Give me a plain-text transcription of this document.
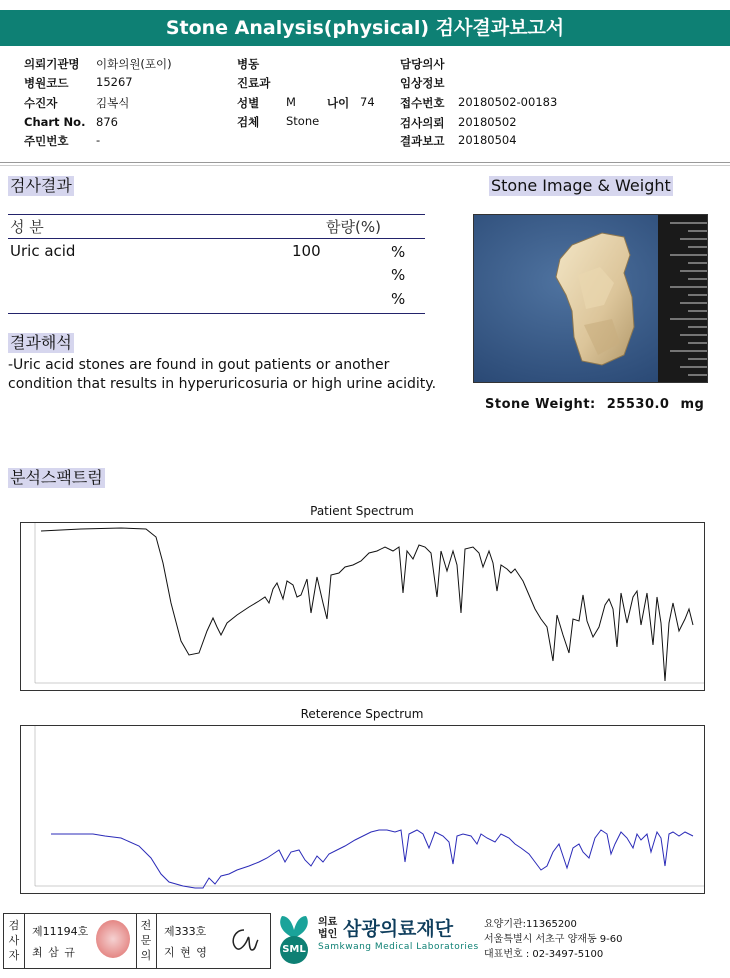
Stone Analysis(physical) 검사결과보고서
의뢰기관명 이화의원(포이)
병원코드 15267
수진자	김복식
Chart No. 876
주민번호 -
병동
진료과
성별 M	나이 74
검체 Stone
담당의사
임상정보
접수번호 20180502-00183
검사의뢰 20180502
결과보고 20180504
검사결과
성 분	함량(%)
Uric acid	100	%
%
%
결과해석
-Uric acid stones are found in gout patients or another
condition that results in hyperuricosuria or high urine acidity.
Stone Image & Weight
Stone Weight: 25530.0 mg
분석스팩트럼
Patient Spectrum
Reterence Spectrum
검사자
제11194호
최 삼 규
전문의
제333호
지 현 영	SML
의료
법인 삼광의료재단
Samkwang Medical Laboratories
요양기관:11365200
서울특별시 서초구 양재동 9-60
대표번호 : 02-3497-5100
